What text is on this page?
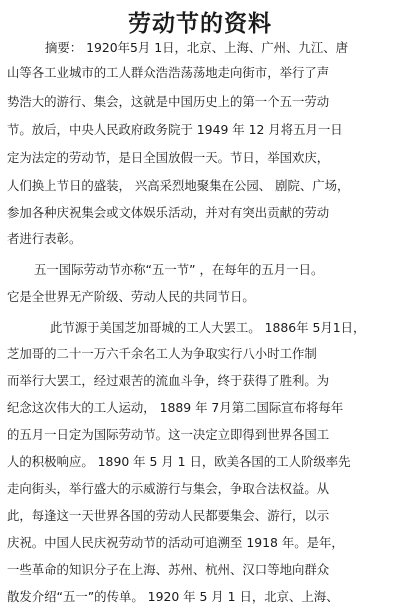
劳动节的资料
摘要： 1920年5月 1日，北京、上海、广州、九江、唐
山等各工业城市的工人群众浩浩荡荡地走向街市，举行了声
势浩大的游行、集会，这就是中国历史上的第一个五一劳动
节。放后，中央人民政府政务院于 1949 年 12 月将五月一日
定为法定的劳动节，是日全国放假一天。节日，举国欢庆，
人们换上节日的盛装， 兴高采烈地聚集在公园、 剧院、广场，
参加各种庆祝集会或文体娱乐活动，并对有突出贡献的劳动
者进行表彰。
五一国际劳动节亦称“五一节” ，在每年的五月一日。
它是全世界无产阶级、劳动人民的共同节日。
此节源于美国芝加哥城的工人大罢工。 1886年 5月1日，
芝加哥的二十一万六千余名工人为争取实行八小时工作制
而举行大罢工，经过艰苦的流血斗争，终于获得了胜利。为
纪念这次伟大的工人运动， 1889 年 7月第二国际宣布将每年
的五月一日定为国际劳动节。这一决定立即得到世界各国工
人的积极响应。 1890 年 5 月 1 日，欧美各国的工人阶级率先
走向街头，举行盛大的示威游行与集会，争取合法权益。从
此，每逢这一天世界各国的劳动人民都要集会、游行，以示
庆祝。中国人民庆祝劳动节的活动可追溯至 1918 年。是年，
一些革命的知识分子在上海、苏州、杭州、汉口等地向群众
散发介绍“五一”的传单。 1920 年 5 月 1 日，北京、上海、
